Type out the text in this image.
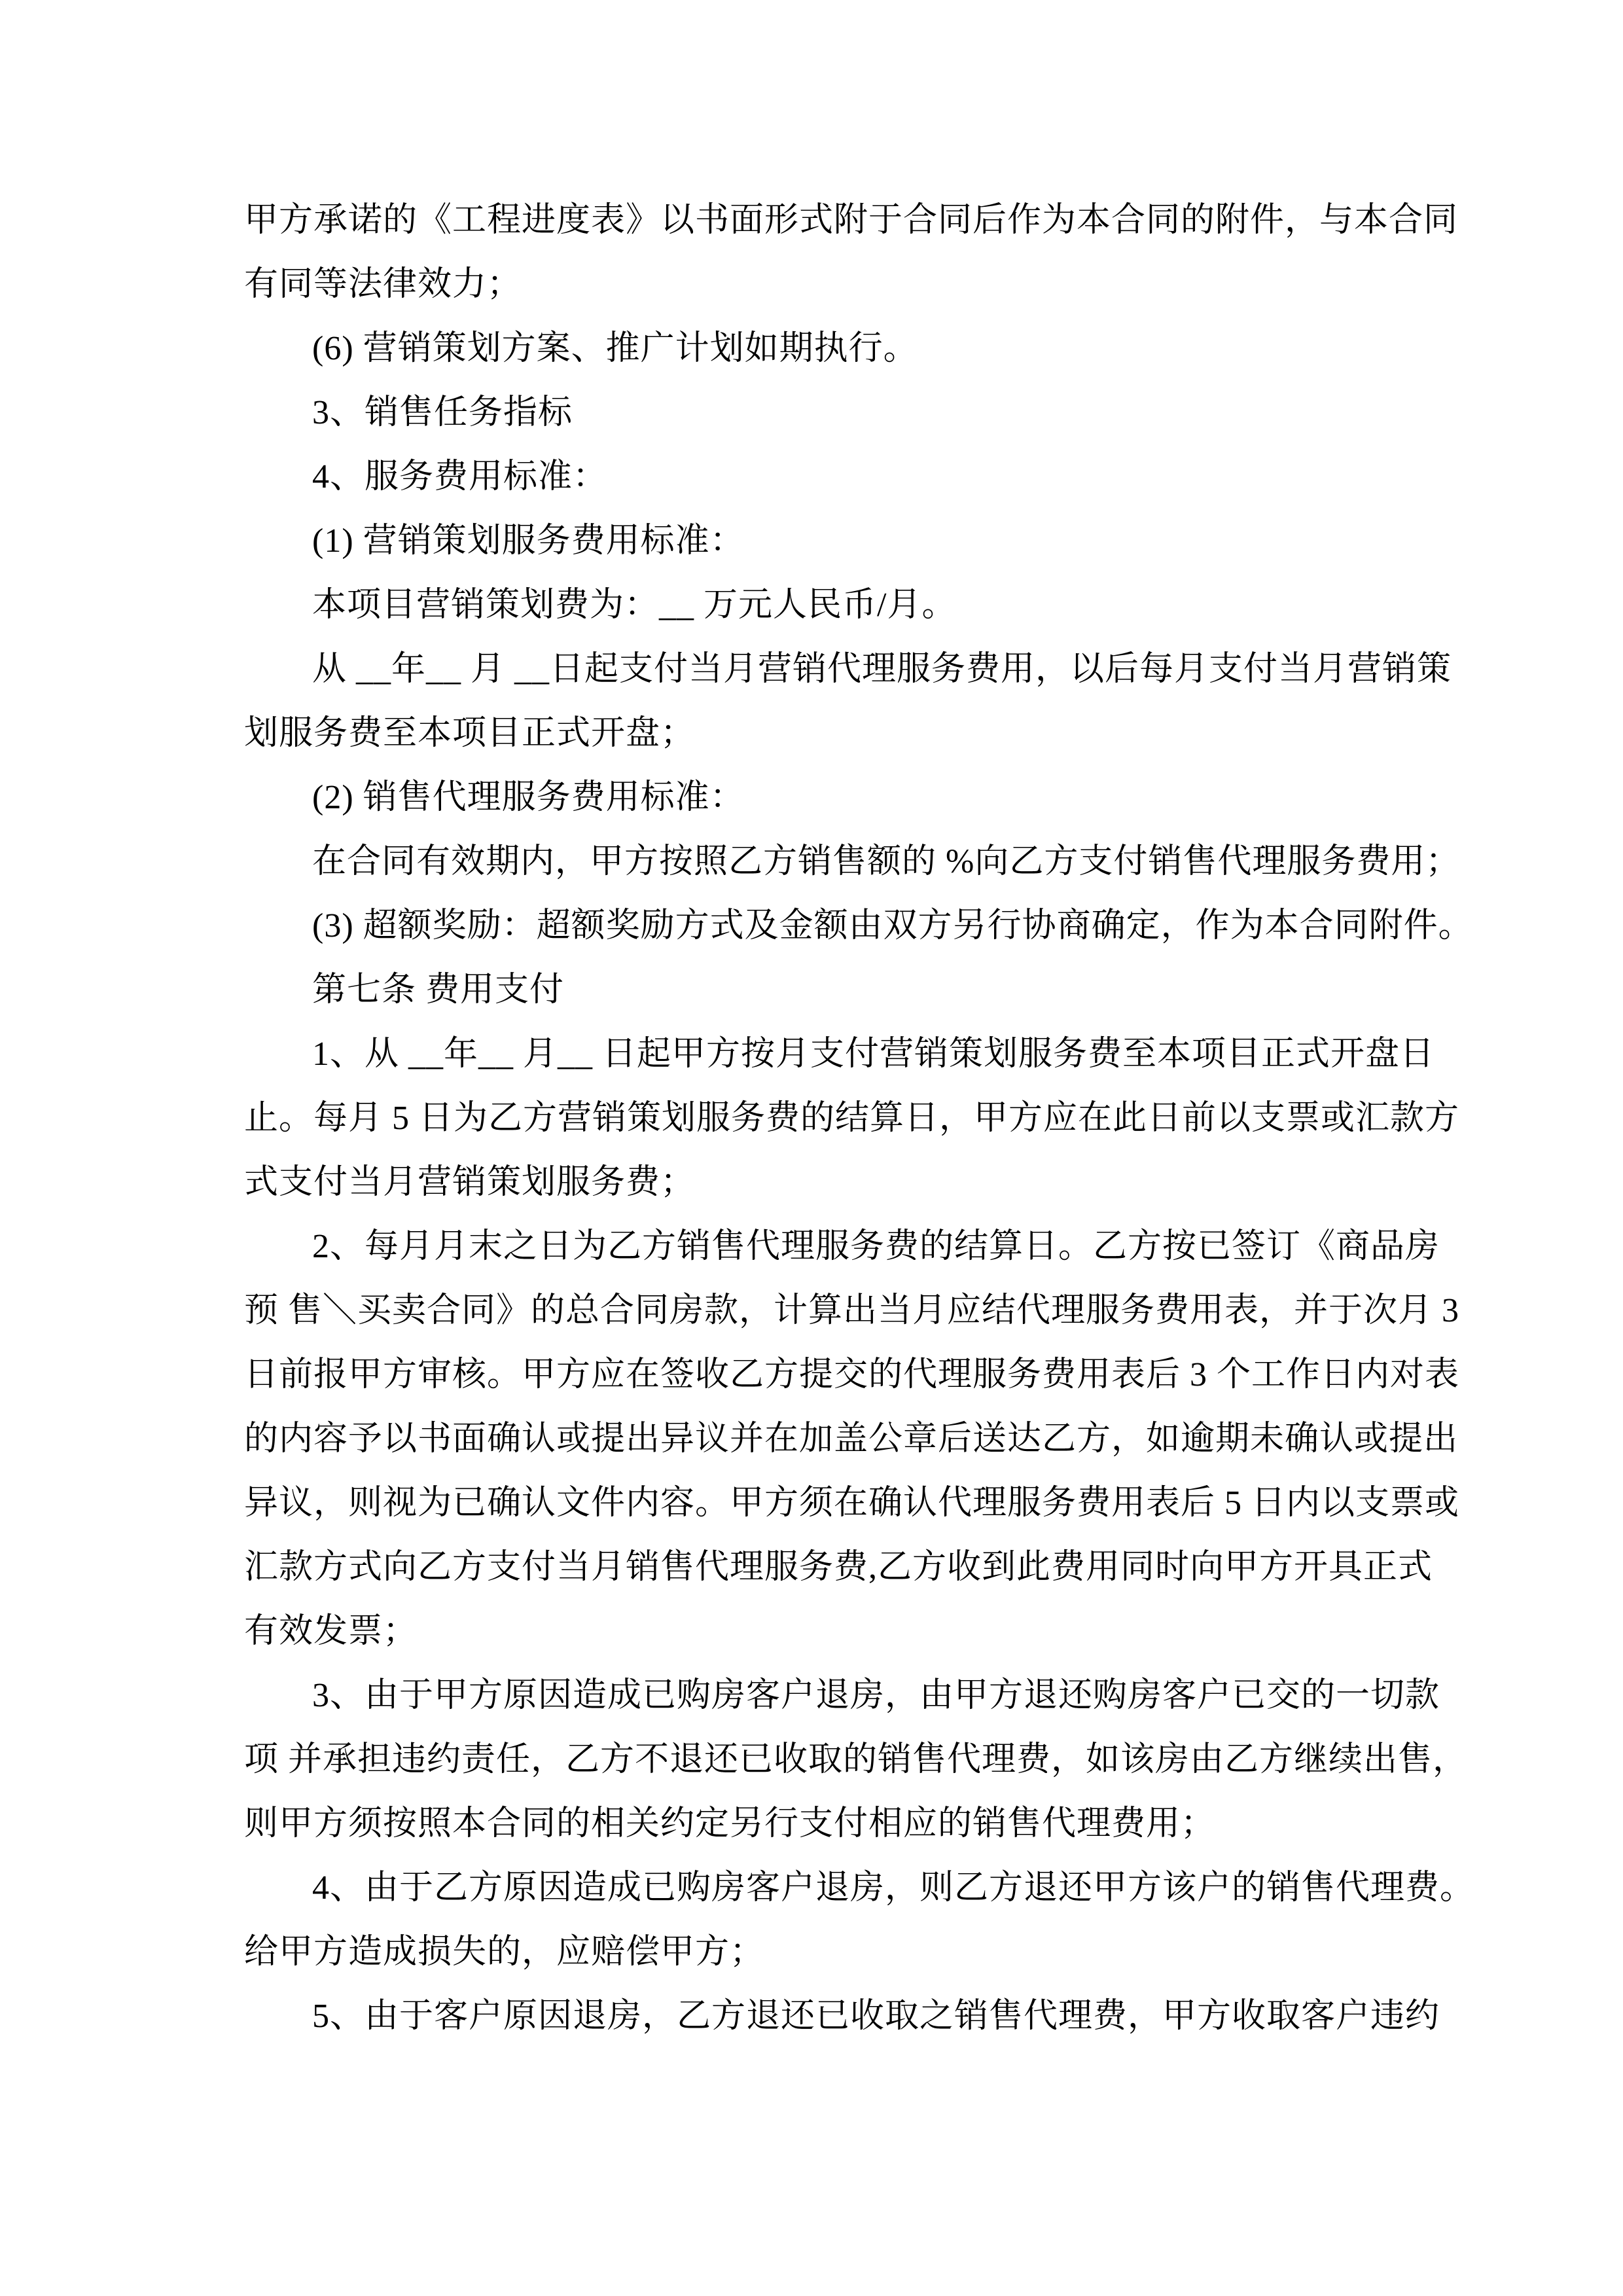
甲方承诺的《工程进度表》以书面形式附于合同后作为本合同的附件，与本合同
有同等法律效力；
(6) 营销策划方案、推广计划如期执行。
3、销售任务指标
4、服务费用标准：
(1) 营销策划服务费用标准：
本项目营销策划费为：__ 万元人民币/月。
从 __年__ 月 __日起支付当月营销代理服务费用，以后每月支付当月营销策
划服务费至本项目正式开盘；
(2) 销售代理服务费用标准：
在合同有效期内，甲方按照乙方销售额的 %向乙方支付销售代理服务费用；
(3) 超额奖励：超额奖励方式及金额由双方另行协商确定，作为本合同附件。
第七条 费用支付
1、从 __年__ 月__ 日起甲方按月支付营销策划服务费至本项目正式开盘日
止。每月 5 日为乙方营销策划服务费的结算日，甲方应在此日前以支票或汇款方
式支付当月营销策划服务费；
2、每月月末之日为乙方销售代理服务费的结算日。乙方按已签订《商品房
预 售＼买卖合同》的总合同房款，计算出当月应结代理服务费用表，并于次月 3
日前报甲方审核。甲方应在签收乙方提交的代理服务费用表后 3 个工作日内对表
的内容予以书面确认或提出异议并在加盖公章后送达乙方，如逾期未确认或提出
异议，则视为已确认文件内容。甲方须在确认代理服务费用表后 5 日内以支票或
汇款方式向乙方支付当月销售代理服务费,乙方收到此费用同时向甲方开具正式
有效发票；
3、由于甲方原因造成已购房客户退房，由甲方退还购房客户已交的一切款
项 并承担违约责任，乙方不退还已收取的销售代理费，如该房由乙方继续出售，
则甲方须按照本合同的相关约定另行支付相应的销售代理费用；
4、由于乙方原因造成已购房客户退房，则乙方退还甲方该户的销售代理费。
给甲方造成损失的，应赔偿甲方；
5、由于客户原因退房，乙方退还已收取之销售代理费，甲方收取客户违约
